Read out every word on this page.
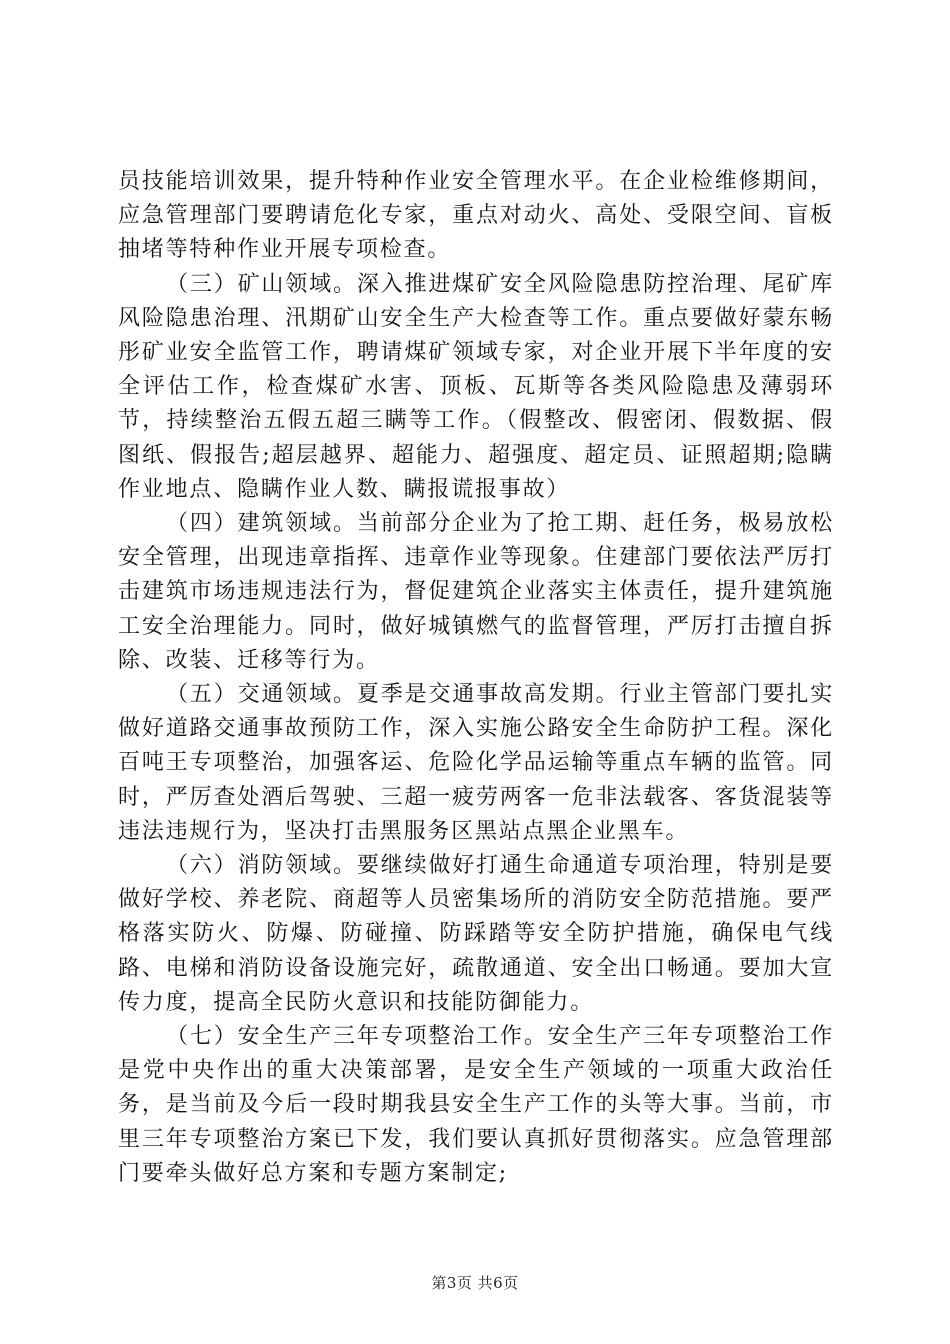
员技能培训效果，提升特种作业安全管理水平。在企业检维修期间，应急管理部门要聘请危化专家，重点对动火、高处、受限空间、盲板抽堵等特种作业开展专项检查。

（三）矿山领域。深入推进煤矿安全风险隐患防控治理、尾矿库风险隐患治理、汛期矿山安全生产大检查等工作。重点要做好蒙东畅彤矿业安全监管工作，聘请煤矿领域专家，对企业开展下半年度的安全评估工作，检查煤矿水害、顶板、瓦斯等各类风险隐患及薄弱环节，持续整治五假五超三瞒等工作。（假整改、假密闭、假数据、假图纸、假报告;超层越界、超能力、超强度、超定员、证照超期;隐瞒作业地点、隐瞒作业人数、瞒报谎报事故）

（四）建筑领域。当前部分企业为了抢工期、赶任务，极易放松安全管理，出现违章指挥、违章作业等现象。住建部门要依法严厉打击建筑市场违规违法行为，督促建筑企业落实主体责任，提升建筑施工安全治理能力。同时，做好城镇燃气的监督管理，严厉打击擅自拆除、改装、迁移等行为。

（五）交通领域。夏季是交通事故高发期。行业主管部门要扎实做好道路交通事故预防工作，深入实施公路安全生命防护工程。深化百吨王专项整治，加强客运、危险化学品运输等重点车辆的监管。同时，严厉查处酒后驾驶、三超一疲劳两客一危非法载客、客货混装等违法违规行为，坚决打击黑服务区黑站点黑企业黑车。

（六）消防领域。要继续做好打通生命通道专项治理，特别是要做好学校、养老院、商超等人员密集场所的消防安全防范措施。要严格落实防火、防爆、防碰撞、防踩踏等安全防护措施，确保电气线路、电梯和消防设备设施完好，疏散通道、安全出口畅通。要加大宣传力度，提高全民防火意识和技能防御能力。

（七）安全生产三年专项整治工作。安全生产三年专项整治工作是党中央作出的重大决策部署，是安全生产领域的一项重大政治任务，是当前及今后一段时期我县安全生产工作的头等大事。当前，市里三年专项整治方案已下发，我们要认真抓好贯彻落实。应急管理部门要牵头做好总方案和专题方案制定;

第3页 共6页
